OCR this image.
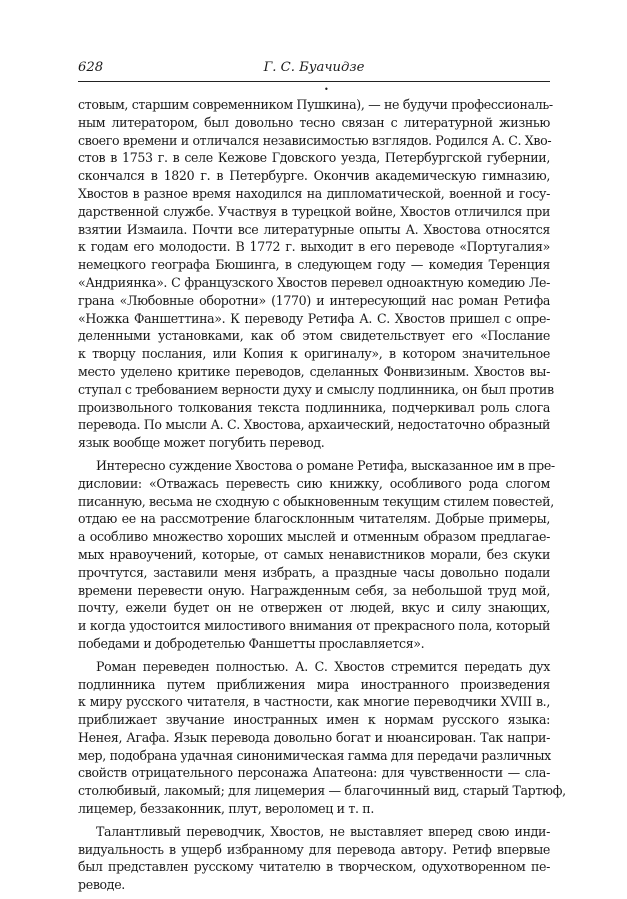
628	Г. С. Буачидзе
•
стовым, старшим современником Пушкина), — не будучи профессиональ-
ным литератором, был довольно тесно связан с литературной жизнью
своего времени и отличался независимостью взглядов. Родился А. С. Хво-
стов в 1753 г. в селе Кежове Гдовского уезда, Петербургской губернии,
скончался в 1820 г. в Петербурге. Окончив академическую гимназию,
Хвостов в разное время находился на дипломатической, военной и госу-
дарственной службе. Участвуя в турецкой войне, Хвостов отличился при
взятии Измаила. Почти все литературные опыты А. Хвостова относятся
к годам его молодости. В 1772 г. выходит в его переводе «Португалия»
немецкого географа Бюшинга, в следующем году — комедия Теренция
«Андриянка». С французского Хвостов перевел одноактную комедию Ле-
грана «Любовные оборотни» (1770) и интересующий нас роман Ретифа
«Ножка Фаншеттина». К переводу Ретифа А. С. Хвостов пришел с опре-
деленными установками, как об этом свидетельствует его «Послание
к творцу послания, или Копия к оригиналу», в котором значительное
место уделено критике переводов, сделанных Фонвизиным. Хвостов вы-
ступал с требованием верности духу и смыслу подлинника, он был против
произвольного толкования текста подлинника, подчеркивал роль слога
перевода. По мысли А. С. Хвостова, архаический, недостаточно образный
язык вообще может погубить перевод.
Интересно суждение Хвостова о романе Ретифа, высказанное им в пре-
дисловии: «Отважась перевесть сию книжку, особливого рода слогом
писанную, весьма не сходную с обыкновенным текущим стилем повестей,
отдаю ее на рассмотрение благосклонным читателям. Добрые примеры,
а особливо множество хороших мыслей и отменным образом предлагае-
мых нравоучений, которые, от самых ненавистников морали, без скуки
прочтутся, заставили меня избрать, а праздные часы довольно подали
времени перевести оную. Награжденным себя, за небольшой труд мой,
почту, ежели будет он не отвержен от людей, вкус и силу знающих,
и когда удостоится милостивого внимания от прекрасного пола, который
победами и добродетелью Фаншетты прославляется».
Роман переведен полностью. А. С. Хвостов стремится передать дух
подлинника путем приближения мира иностранного произведения
к миру русского читателя, в частности, как многие переводчики XVIII в.,
приближает звучание иностранных имен к нормам русского языка:
Ненея, Агафа. Язык перевода довольно богат и нюансирован. Так напри-
мер, подобрана удачная синонимическая гамма для передачи различных
свойств отрицательного персонажа Апатеона: для чувственности — сла-
столюбивый, лакомый; для лицемерия — благочинный вид, старый Тартюф,
лицемер, беззаконник, плут, вероломец и т. п.
Талантливый переводчик, Хвостов, не выставляет вперед свою инди-
видуальность в ущерб избранному для перевода автору. Ретиф впервые
был представлен русскому читателю в творческом, одухотворенном пе-
реводе.
